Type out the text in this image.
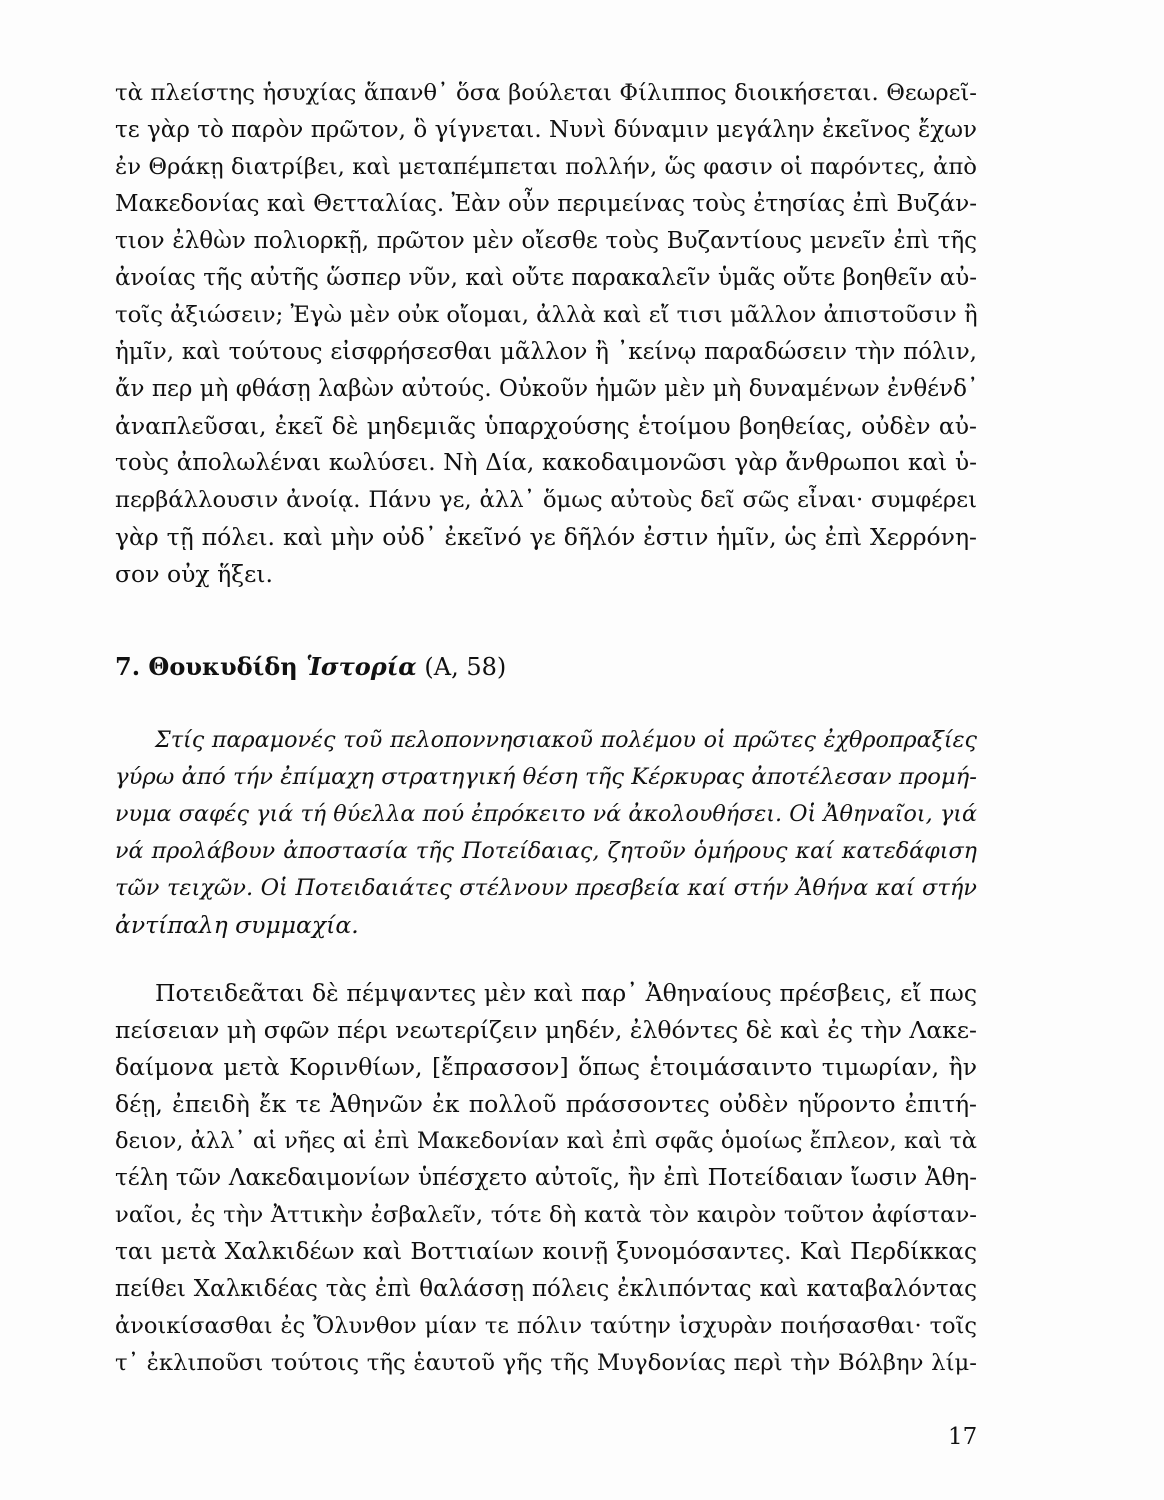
τὰ πλείστης ἡσυχίας ἅπανθ᾽ ὅσα βούλεται Φίλιππος διοικήσεται. Θεωρεῖ-
τε γὰρ τὸ παρὸν πρῶτον, ὃ γίγνεται. Νυνὶ δύναμιν μεγάλην ἐκεῖνος ἔχων
ἐν Θράκῃ διατρίβει, καὶ μεταπέμπεται πολλήν, ὥς φασιν οἱ παρόντες, ἀπὸ
Μακεδονίας καὶ Θετταλίας. Ἐὰν οὖν περιμείνας τοὺς ἐτησίας ἐπὶ Βυζάν-
τιον ἐλθὼν πολιορκῇ, πρῶτον μὲν οἴεσθε τοὺς Βυζαντίους μενεῖν ἐπὶ τῆς
ἀνοίας τῆς αὐτῆς ὥσπερ νῦν, καὶ οὔτε παρακαλεῖν ὑμᾶς οὔτε βοηθεῖν αὐ-
τοῖς ἀξιώσειν; Ἐγὼ μὲν οὐκ οἴομαι, ἀλλὰ καὶ εἴ τισι μᾶλλον ἀπιστοῦσιν ἢ
ἡμῖν, καὶ τούτους εἰσφρήσεσθαι μᾶλλον ἢ ᾽κείνῳ παραδώσειν τὴν πόλιν,
ἄν περ μὴ φθάσῃ λαβὼν αὐτούς. Οὐκοῦν ἡμῶν μὲν μὴ δυναμένων ἐνθένδ᾽
ἀναπλεῦσαι, ἐκεῖ δὲ μηδεμιᾶς ὑπαρχούσης ἑτοίμου βοηθείας, οὐδὲν αὐ-
τοὺς ἀπολωλέναι κωλύσει. Νὴ Δία, κακοδαιμονῶσι γὰρ ἄνθρωποι καὶ ὑ-
περβάλλουσιν ἀνοίᾳ. Πάνυ γε, ἀλλ᾽ ὅμως αὐτοὺς δεῖ σῶς εἶναι· συμφέρει
γὰρ τῇ πόλει. καὶ μὴν οὐδ᾽ ἐκεῖνό γε δῆλόν ἐστιν ἡμῖν, ὡς ἐπὶ Χερρόνη-
σον οὐχ ἥξει.
7. Θουκυδίδη Ἱστορία (Α, 58)
Στίς παραμονές τοῦ πελοποννησιακοῦ πολέμου οἱ πρῶτες ἐχθροπραξίες
γύρω ἀπό τήν ἐπίμαχη στρατηγική θέση τῆς Κέρκυρας ἀποτέλεσαν προμή-
νυμα σαφές γιά τή θύελλα πού ἐπρόκειτο νά ἀκολουθήσει. Οἱ Ἀθηναῖοι, γιά
νά προλάβουν ἀποστασία τῆς Ποτείδαιας, ζητοῦν ὁμήρους καί κατεδάφιση
τῶν τειχῶν. Οἱ Ποτειδαιάτες στέλνουν πρεσβεία καί στήν Ἀθήνα καί στήν
ἀντίπαλη συμμαχία.
Ποτειδεᾶται δὲ πέμψαντες μὲν καὶ παρ᾽ Ἀθηναίους πρέσβεις, εἴ πως
πείσειαν μὴ σφῶν πέρι νεωτερίζειν μηδέν, ἐλθόντες δὲ καὶ ἐς τὴν Λακε-
δαίμονα μετὰ Κορινθίων, [ἔπρασσον] ὅπως ἑτοιμάσαιντο τιμωρίαν, ἢν
δέῃ, ἐπειδὴ ἔκ τε Ἀθηνῶν ἐκ πολλοῦ πράσσοντες οὐδὲν ηὕροντο ἐπιτή-
δειον, ἀλλ᾽ αἱ νῆες αἱ ἐπὶ Μακεδονίαν καὶ ἐπὶ σφᾶς ὁμοίως ἔπλεον, καὶ τὰ
τέλη τῶν Λακεδαιμονίων ὑπέσχετο αὐτοῖς, ἢν ἐπὶ Ποτείδαιαν ἴωσιν Ἀθη-
ναῖοι, ἐς τὴν Ἀττικὴν ἐσβαλεῖν, τότε δὴ κατὰ τὸν καιρὸν τοῦτον ἀφίσταν-
ται μετὰ Χαλκιδέων καὶ Βοττιαίων κοινῇ ξυνομόσαντες. Καὶ Περδίκκας
πείθει Χαλκιδέας τὰς ἐπὶ θαλάσσῃ πόλεις ἐκλιπόντας καὶ καταβαλόντας
ἀνοικίσασθαι ἐς Ὄλυνθον μίαν τε πόλιν ταύτην ἰσχυρὰν ποιήσασθαι· τοῖς
τ᾽ ἐκλιποῦσι τούτοις τῆς ἑαυτοῦ γῆς τῆς Μυγδονίας περὶ τὴν Βόλβην λίμ-
17
